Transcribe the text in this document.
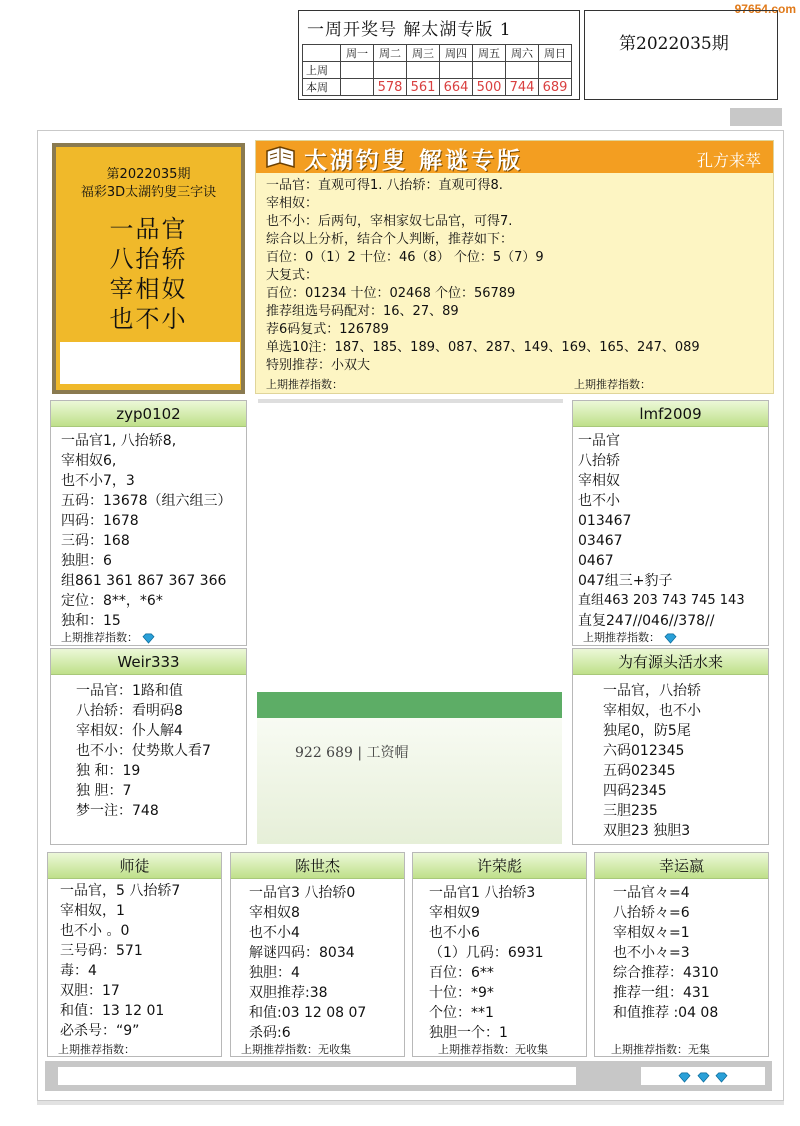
97654.com
一周开奖号 解太湖专版 1
	周一	周二	周三	周四	周五	周六	周日
上周							
本周		578	561	664	500	744	689
第2022035期
第2022035期
福彩3D太湖钓叟三字诀
一品官
八抬轿
宰相奴
也不小
太湖钓叟 解谜专版	孔方来萃
一品官：直观可得1. 八抬轿：直观可得8.
宰相奴：
也不小：后两句，宰相家奴七品官，可得7.
综合以上分析，结合个人判断，推荐如下：
百位：0（1）2 十位：46（8） 个位：5（7）9
大复式：
百位：01234 十位：02468 个位：56789
推荐组选号码配对：16、27、89
荐6码复式：126789
单选10注：187、185、189、087、287、149、169、165、247、089
特别推荐：小双大
上期推荐指数：	上期推荐指数：
zyp0102
一品官1, 八抬轿8,
宰相奴6,
也不小7，3
五码：13678（组六组三）
四码：1678
三码：168
独胆：6
组861 361 867 367 366
定位：8**，*6*
独和：15
上期推荐指数：
lmf2009
一品官
八抬轿
宰相奴
也不小
013467
03467
0467
047组三+豹子
直组463 203 743 745 143
直复247//046//378//
上期推荐指数：
922 689 | 工资帽
Weir333
一品官：1路和值
八抬轿：看明码8
宰相奴：仆人解4
也不小：仗势欺人看7
独 和：19
独 胆：7
梦一注：748
为有源头活水来
一品官，八抬轿
宰相奴，也不小
独尾0，防5尾
六码012345
五码02345
四码2345
三胆235
双胆23 独胆3
师徒
一品官，5 八抬轿7
宰相奴，1
也不小 。0
三号码：571
毒：4
双胆：17
和值：13 12 01
必杀号：“9”
上期推荐指数：
陈世杰
一品官3 八抬轿0
宰相奴8
也不小4
解谜四码：8034
独胆：4
双胆推荐:38
和值:03 12 08 07
杀码:6
上期推荐指数：无收集
许荣彪
一品官1 八抬轿3
宰相奴9
也不小6
（1）几码：6931
百位：6**
十位：*9*
个位：**1
独胆一个：1
上期推荐指数：无收集
幸运嬴
一品官々=4
八抬轿々=6
宰相奴々=1
也不小々=3
综合推荐：4310
推荐一组：431
和值推荐 :04 08
上期推荐指数：无集
